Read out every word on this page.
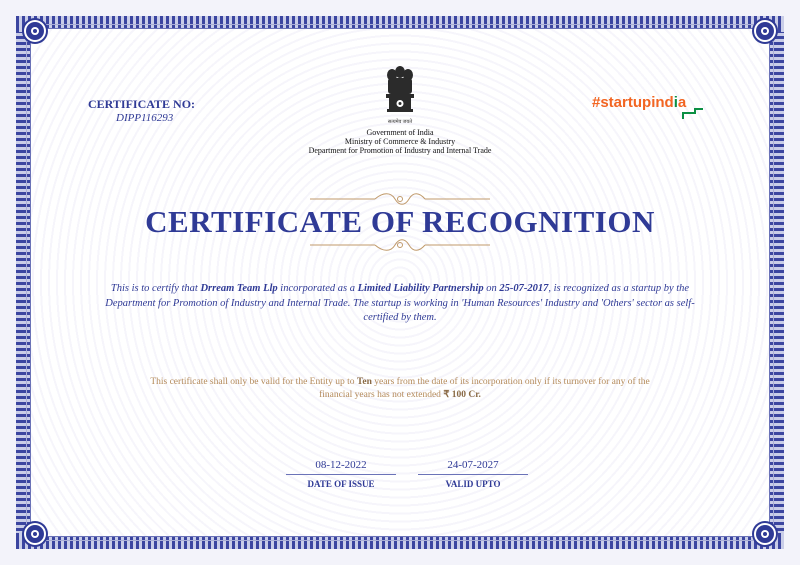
CERTIFICATE NO:
DIPP116293	सत्यमेव जयते
Government of India
Ministry of Commerce & Industry
Department for Promotion of Industry and Internal Trade
#startupindia
CERTIFICATE OF RECOGNITION
This is to certify that Drream Team Llp incorporated as a Limited Liability Partnership on 25-07-2017, is recognized as a startup by the Department for Promotion of Industry and Internal Trade. The startup is working in 'Human Resources' Industry and 'Others' sector as self-certified by them.
This certificate shall only be valid for the Entity up to Ten years from the date of its incorporation only if its turnover for any of the financial years has not extended ₹ 100 Cr.
08-12-2022
DATE OF ISSUE
24-07-2027
VALID UPTO
